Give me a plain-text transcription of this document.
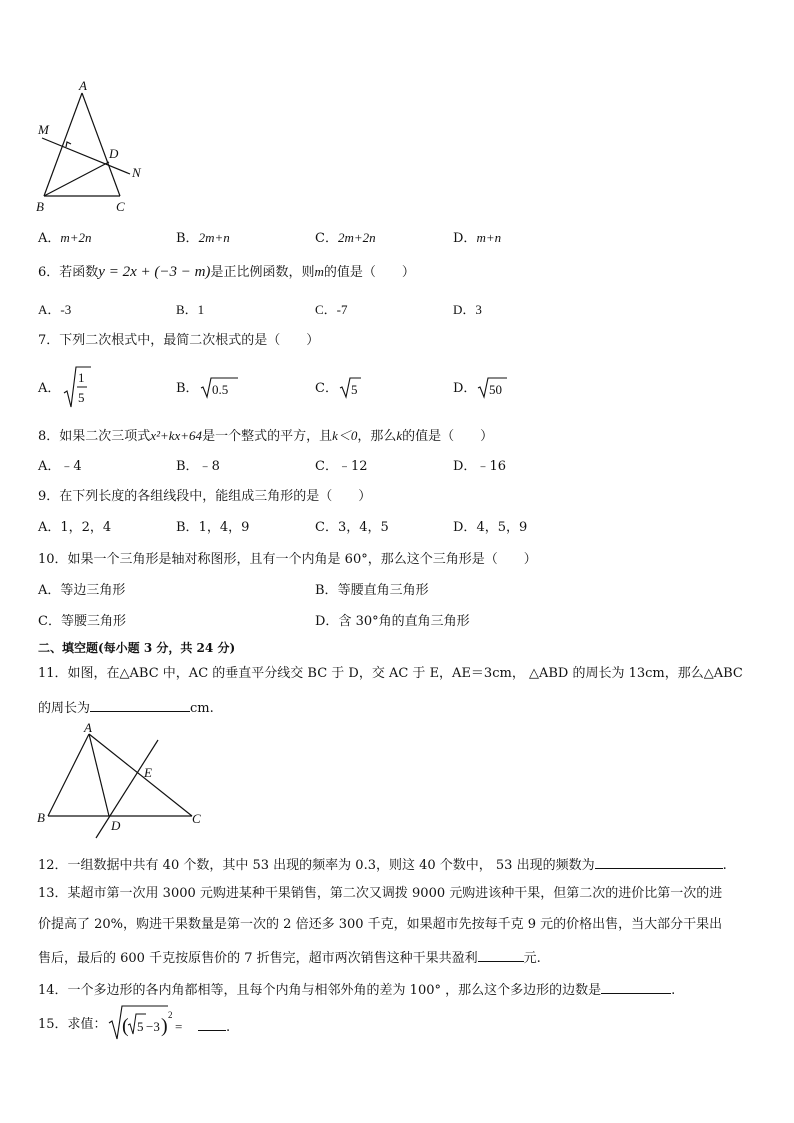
A
M
D
N
B	C
A．m+2n	B．2m+n	C．2m+2n	D．m+n
6．若函数y = 2x + (−3 − m)是正比例函数，则m的值是（　　）
A．-3	B．1	C．-7	D．3
7．下列二次根式中，最简二次根式的是（　　）
A．
1
5
B． 0.5	C． 5	D． 50
8．如果二次三项式x²+kx+64是一个整式的平方，且k＜0，那么k的值是（　　）
A．﹣4	B．﹣8	C．﹣12	D．﹣16
9．在下列长度的各组线段中，能组成三角形的是（　　）
A．1，2，4	B．1，4，9	C．3，4，5	D．4，5，9
10．如果一个三角形是轴对称图形，且有一个内角是 60°，那么这个三角形是（　　）
A．等边三角形	B．等腰直角三角形
C．等腰三角形	D．含 30°角的直角三角形
二、填空题(每小题 3 分，共 24 分)
11．如图，在△ABC 中，AC 的垂直平分线交 BC 于 D，交 AC 于 E，AE＝3cm， △ABD 的周长为 13cm，那么△ABC
的周长为	cm.
A
E
B
D	C
12．一组数据中共有 40 个数，其中 53 出现的频率为 0.3，则这 40 个数中， 53 出现的频数为	.
13．某超市第一次用 3000 元购进某种干果销售，第二次又调拨 9000 元购进该种干果，但第二次的进价比第一次的进
价提高了 20%，购进干果数量是第一次的 2 倍还多 300 千克，如果超市先按每千克 9 元的价格出售，当大部分干果出
售后，最后的 600 千克按原售价的 7 折售完，超市两次销售这种干果共盈利	元.
14．一个多边形的各内角都相等，且每个内角与相邻外角的差为 100° ，那么这个多边形的边数是	.
15．求值： ( 5 −3 ) 2
=	.
